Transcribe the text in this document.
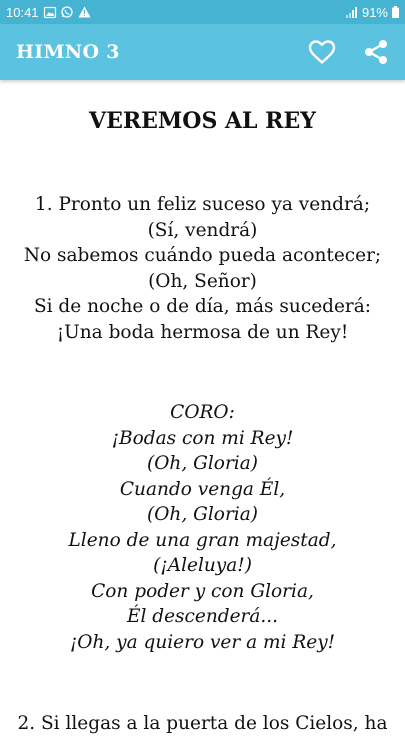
10:41	91%
HIMNO 3
VEREMOS AL REY
1. Pronto un feliz suceso ya vendrá;
(Sí, vendrá)
No sabemos cuándo pueda acontecer;
(Oh, Señor)
Si de noche o de día, más sucederá:
¡Una boda hermosa de un Rey!
CORO:
¡Bodas con mi Rey!
(Oh, Gloria)
Cuando venga Él,
(Oh, Gloria)
Lleno de una gran majestad,
(¡Aleluya!)
Con poder y con Gloria,
Él descenderá...
¡Oh, ya quiero ver a mi Rey!
2. Si llegas a la puerta de los Cielos, ha
